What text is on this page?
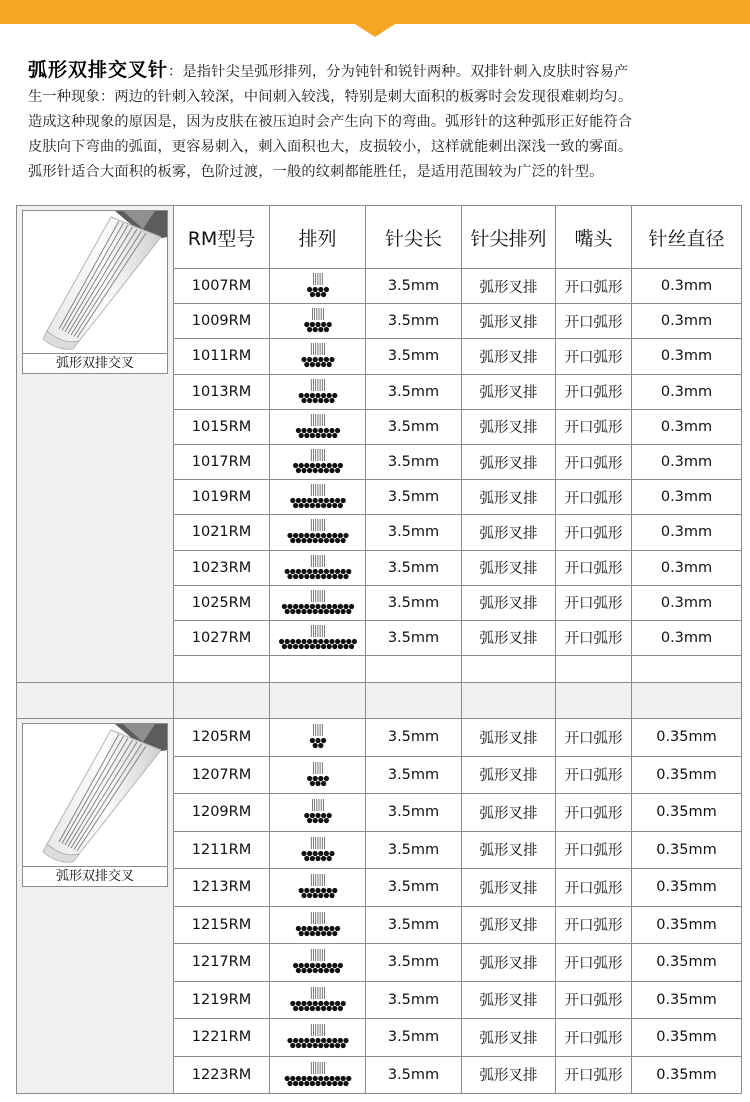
弧形双排交叉针：是指针尖呈弧形排列，分为钝针和锐针两种。双排针刺入皮肤时容易产
生一种现象：两边的针刺入较深，中间刺入较浅，特别是刺大面积的板雾时会发现很难刺均匀。
造成这种现象的原因是，因为皮肤在被压迫时会产生向下的弯曲。弧形针的这种弧形正好能符合
皮肤向下弯曲的弧面，更容易刺入，刺入面积也大，皮损较小，这样就能刺出深浅一致的雾面。
弧形针适合大面积的板雾，色阶过渡，一般的纹刺都能胜任，是适用范围较为广泛的针型。
弧形双排交叉	RM型号	排列	针尖长	针尖排列	嘴头	针丝直径
	1007RM		3.5mm	弧形叉排	开口弧形	0.3mm
	1009RM		3.5mm	弧形叉排	开口弧形	0.3mm
	1011RM		3.5mm	弧形叉排	开口弧形	0.3mm
	1013RM		3.5mm	弧形叉排	开口弧形	0.3mm
	1015RM		3.5mm	弧形叉排	开口弧形	0.3mm
	1017RM		3.5mm	弧形叉排	开口弧形	0.3mm
	1019RM		3.5mm	弧形叉排	开口弧形	0.3mm
	1021RM		3.5mm	弧形叉排	开口弧形	0.3mm
	1023RM		3.5mm	弧形叉排	开口弧形	0.3mm
	1025RM		3.5mm	弧形叉排	开口弧形	0.3mm
	1027RM		3.5mm	弧形叉排	开口弧形	0.3mm

弧形双排交叉	1205RM		3.5mm	弧形叉排	开口弧形	0.35mm
	1207RM		3.5mm	弧形叉排	开口弧形	0.35mm
	1209RM		3.5mm	弧形叉排	开口弧形	0.35mm
	1211RM		3.5mm	弧形叉排	开口弧形	0.35mm
	1213RM		3.5mm	弧形叉排	开口弧形	0.35mm
	1215RM		3.5mm	弧形叉排	开口弧形	0.35mm
	1217RM		3.5mm	弧形叉排	开口弧形	0.35mm
	1219RM		3.5mm	弧形叉排	开口弧形	0.35mm
	1221RM		3.5mm	弧形叉排	开口弧形	0.35mm
	1223RM		3.5mm	弧形叉排	开口弧形	0.35mm
